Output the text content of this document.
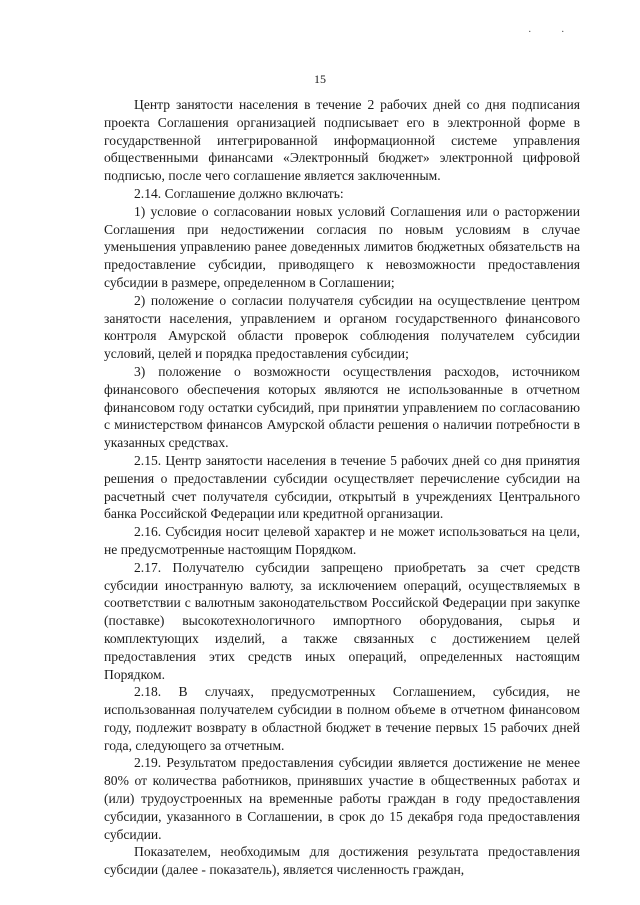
. .
15

Центр занятости населения в течение 2 рабочих дней со дня подписания проекта Соглашения организацией подписывает его в электронной форме в государственной интегрированной информационной системе управления общественными финансами «Электронный бюджет» электронной цифровой подписью, после чего соглашение является заключенным.

2.14. Соглашение должно включать:

1) условие о согласовании новых условий Соглашения или о расторжении Соглашения при недостижении согласия по новым условиям в случае уменьшения управлению ранее доведенных лимитов бюджетных обязательств на предоставление субсидии, приводящего к невозможности предоставления субсидии в размере, определенном в Соглашении;

2) положение о согласии получателя субсидии на осуществление центром занятости населения, управлением и органом государственного финансового контроля Амурской области проверок соблюдения получателем субсидии условий, целей и порядка предоставления субсидии;

3) положение о возможности осуществления расходов, источником финансового обеспечения которых являются не использованные в отчетном финансовом году остатки субсидий, при принятии управлением по согласованию с министерством финансов Амурской области решения о наличии потребности в указанных средствах.

2.15. Центр занятости населения в течение 5 рабочих дней со дня принятия решения о предоставлении субсидии осуществляет перечисление субсидии на расчетный счет получателя субсидии, открытый в учреждениях Центрального банка Российской Федерации или кредитной организации.

2.16. Субсидия носит целевой характер и не может использоваться на цели, не предусмотренные настоящим Порядком.

2.17. Получателю субсидии запрещено приобретать за счет средств субсидии иностранную валюту, за исключением операций, осуществляемых в соответствии с валютным законодательством Российской Федерации при закупке (поставке) высокотехнологичного импортного оборудования, сырья и комплектующих изделий, а также связанных с достижением целей предоставления этих средств иных операций, определенных настоящим Порядком.

2.18. В случаях, предусмотренных Соглашением, субсидия, не использованная получателем субсидии в полном объеме в отчетном финансовом году, подлежит возврату в областной бюджет в течение первых 15 рабочих дней года, следующего за отчетным.

2.19. Результатом предоставления субсидии является достижение не менее 80% от количества работников, принявших участие в общественных работах и (или) трудоустроенных на временные работы граждан в году предоставления субсидии, указанного в Соглашении, в срок до 15 декабря года предоставления субсидии.

Показателем, необходимым для достижения результата предоставления субсидии (далее - показатель), является численность граждан,
